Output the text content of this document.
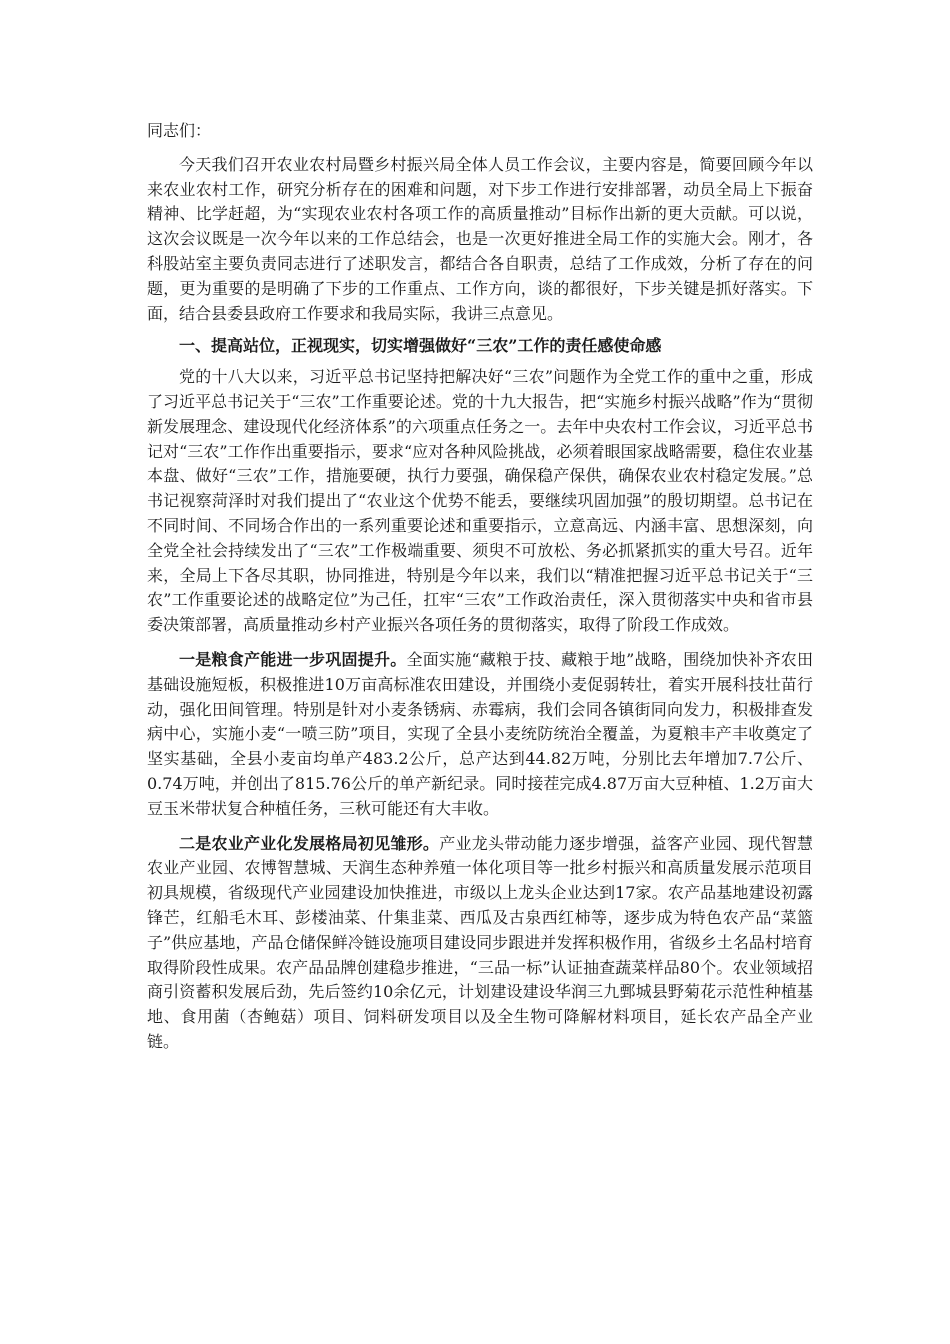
同志们：

今天我们召开农业农村局暨乡村振兴局全体人员工作会议，主要内容是，简要回顾今年以来农业农村工作，研究分析存在的困难和问题，对下步工作进行安排部署，动员全局上下振奋精神、比学赶超，为“实现农业农村各项工作的高质量推动”目标作出新的更大贡献。可以说，这次会议既是一次今年以来的工作总结会，也是一次更好推进全局工作的实施大会。刚才，各科股站室主要负责同志进行了述职发言，都结合各自职责，总结了工作成效，分析了存在的问题，更为重要的是明确了下步的工作重点、工作方向，谈的都很好，下步关键是抓好落实。下面，结合县委县政府工作要求和我局实际，我讲三点意见。

一、提高站位，正视现实，切实增强做好“三农”工作的责任感使命感

党的十八大以来，习近平总书记坚持把解决好“三农”问题作为全党工作的重中之重，形成了习近平总书记关于“三农”工作重要论述。党的十九大报告，把“实施乡村振兴战略”作为“贯彻新发展理念、建设现代化经济体系”的六项重点任务之一。去年中央农村工作会议，习近平总书记对“三农”工作作出重要指示，要求“应对各种风险挑战，必须着眼国家战略需要，稳住农业基本盘、做好“三农”工作，措施要硬，执行力要强，确保稳产保供，确保农业农村稳定发展。”总书记视察菏泽时对我们提出了“农业这个优势不能丢，要继续巩固加强”的殷切期望。总书记在不同时间、不同场合作出的一系列重要论述和重要指示，立意高远、内涵丰富、思想深刻，向全党全社会持续发出了“三农”工作极端重要、须臾不可放松、务必抓紧抓实的重大号召。近年来，全局上下各尽其职，协同推进，特别是今年以来，我们以“精准把握习近平总书记关于“三农”工作重要论述的战略定位”为己任，扛牢“三农”工作政治责任，深入贯彻落实中央和省市县委决策部署，高质量推动乡村产业振兴各项任务的贯彻落实，取得了阶段工作成效。

一是粮食产能进一步巩固提升。全面实施“藏粮于技、藏粮于地”战略，围绕加快补齐农田基础设施短板，积极推进10万亩高标准农田建设，并围绕小麦促弱转壮，着实开展科技壮苗行动，强化田间管理。特别是针对小麦条锈病、赤霉病，我们会同各镇街同向发力，积极排查发病中心，实施小麦“一喷三防”项目，实现了全县小麦统防统治全覆盖，为夏粮丰产丰收奠定了坚实基础，全县小麦亩均单产483.2公斤，总产达到44.82万吨，分别比去年增加7.7公斤、0.74万吨，并创出了815.76公斤的单产新纪录。同时接茬完成4.87万亩大豆种植、1.2万亩大豆玉米带状复合种植任务，三秋可能还有大丰收。

二是农业产业化发展格局初见雏形。产业龙头带动能力逐步增强，益客产业园、现代智慧农业产业园、农博智慧城、天润生态种养殖一体化项目等一批乡村振兴和高质量发展示范项目初具规模，省级现代产业园建设加快推进，市级以上龙头企业达到17家。农产品基地建设初露锋芒，红船毛木耳、彭楼油菜、什集韭菜、西瓜及古泉西红柿等，逐步成为特色农产品“菜篮子”供应基地，产品仓储保鲜冷链设施项目建设同步跟进并发挥积极作用，省级乡土名品村培育取得阶段性成果。农产品品牌创建稳步推进，“三品一标”认证抽查蔬菜样品80个。农业领域招商引资蓄积发展后劲，先后签约10余亿元，计划建设建设华润三九鄄城县野菊花示范性种植基地、食用菌（杏鲍菇）项目、饲料研发项目以及全生物可降解材料项目，延长农产品全产业链。
